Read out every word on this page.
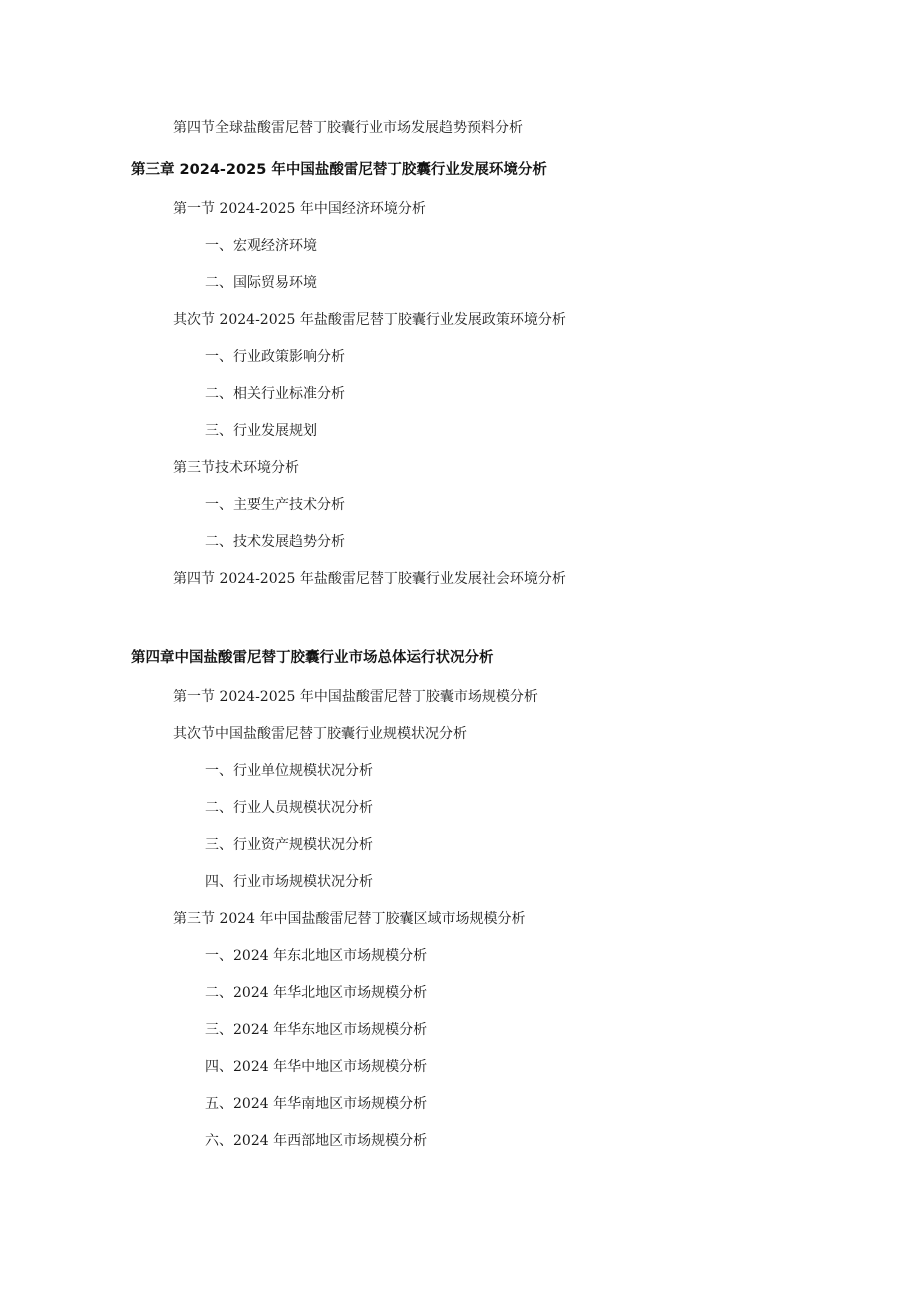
第四节全球盐酸雷尼替丁胶囊行业市场发展趋势预料分析
第三章 2024-2025 年中国盐酸雷尼替丁胶囊行业发展环境分析
第一节 2024-2025 年中国经济环境分析
一、宏观经济环境
二、国际贸易环境
其次节 2024-2025 年盐酸雷尼替丁胶囊行业发展政策环境分析
一、行业政策影响分析
二、相关行业标准分析
三、行业发展规划
第三节技术环境分析
一、主要生产技术分析
二、技术发展趋势分析
第四节 2024-2025 年盐酸雷尼替丁胶囊行业发展社会环境分析
第四章中国盐酸雷尼替丁胶囊行业市场总体运行状况分析
第一节 2024-2025 年中国盐酸雷尼替丁胶囊市场规模分析
其次节中国盐酸雷尼替丁胶囊行业规模状况分析
一、行业单位规模状况分析
二、行业人员规模状况分析
三、行业资产规模状况分析
四、行业市场规模状况分析
第三节 2024 年中国盐酸雷尼替丁胶囊区域市场规模分析
一、2024 年东北地区市场规模分析
二、2024 年华北地区市场规模分析
三、2024 年华东地区市场规模分析
四、2024 年华中地区市场规模分析
五、2024 年华南地区市场规模分析
六、2024 年西部地区市场规模分析
